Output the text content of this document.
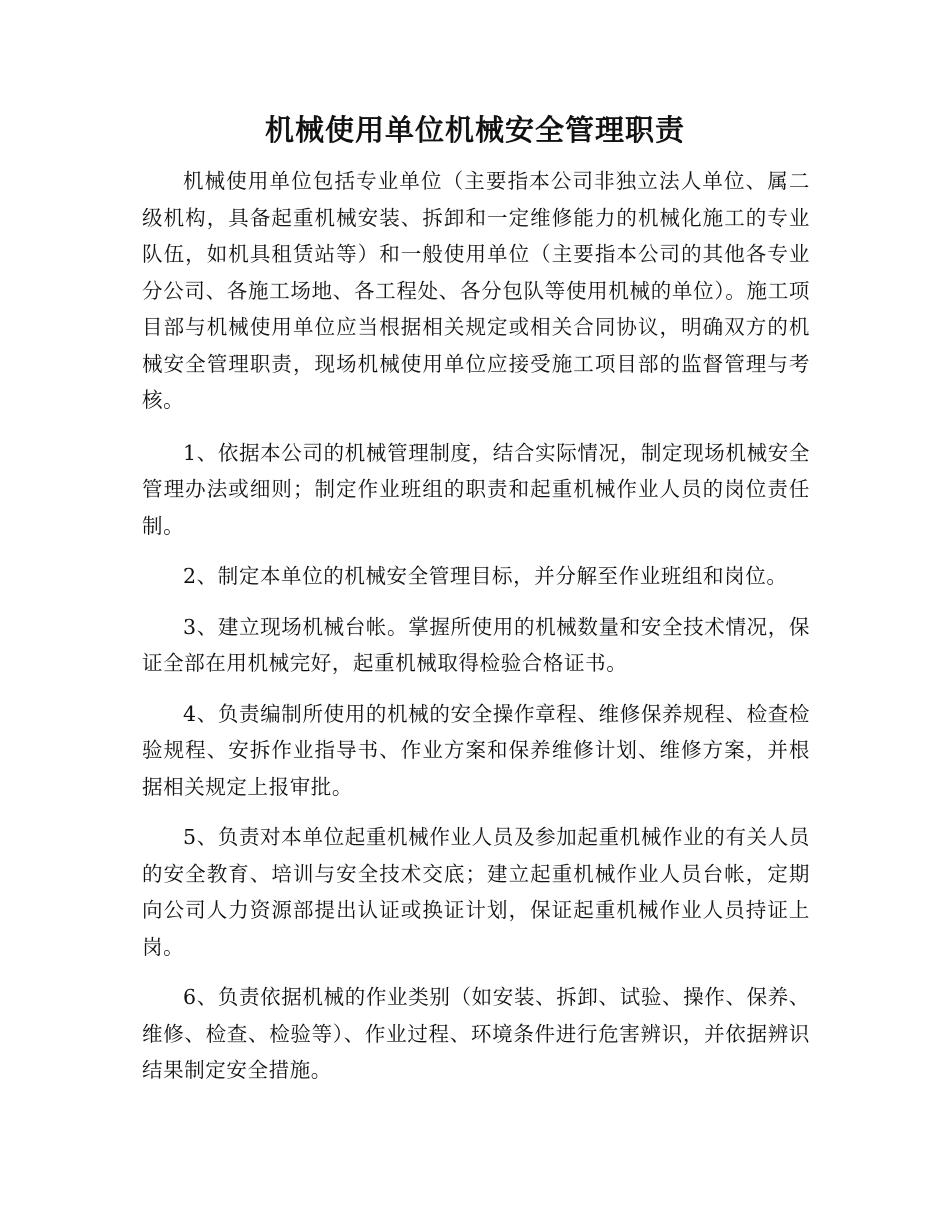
机械使用单位机械安全管理职责

机械使用单位包括专业单位（主要指本公司非独立法人单位、属二级机构，具备起重机械安装、拆卸和一定维修能力的机械化施工的专业队伍，如机具租赁站等）和一般使用单位（主要指本公司的其他各专业分公司、各施工场地、各工程处、各分包队等使用机械的单位）。施工项目部与机械使用单位应当根据相关规定或相关合同协议，明确双方的机械安全管理职责，现场机械使用单位应接受施工项目部的监督管理与考核。

1、依据本公司的机械管理制度，结合实际情况，制定现场机械安全管理办法或细则；制定作业班组的职责和起重机械作业人员的岗位责任制。

2、制定本单位的机械安全管理目标，并分解至作业班组和岗位。

3、建立现场机械台帐。掌握所使用的机械数量和安全技术情况，保证全部在用机械完好，起重机械取得检验合格证书。

4、负责编制所使用的机械的安全操作章程、维修保养规程、检查检验规程、安拆作业指导书、作业方案和保养维修计划、维修方案，并根据相关规定上报审批。

5、负责对本单位起重机械作业人员及参加起重机械作业的有关人员的安全教育、培训与安全技术交底；建立起重机械作业人员台帐，定期向公司人力资源部提出认证或换证计划，保证起重机械作业人员持证上岗。

6、负责依据机械的作业类别（如安装、拆卸、试验、操作、保养、维修、检查、检验等）、作业过程、环境条件进行危害辨识，并依据辨识结果制定安全措施。
